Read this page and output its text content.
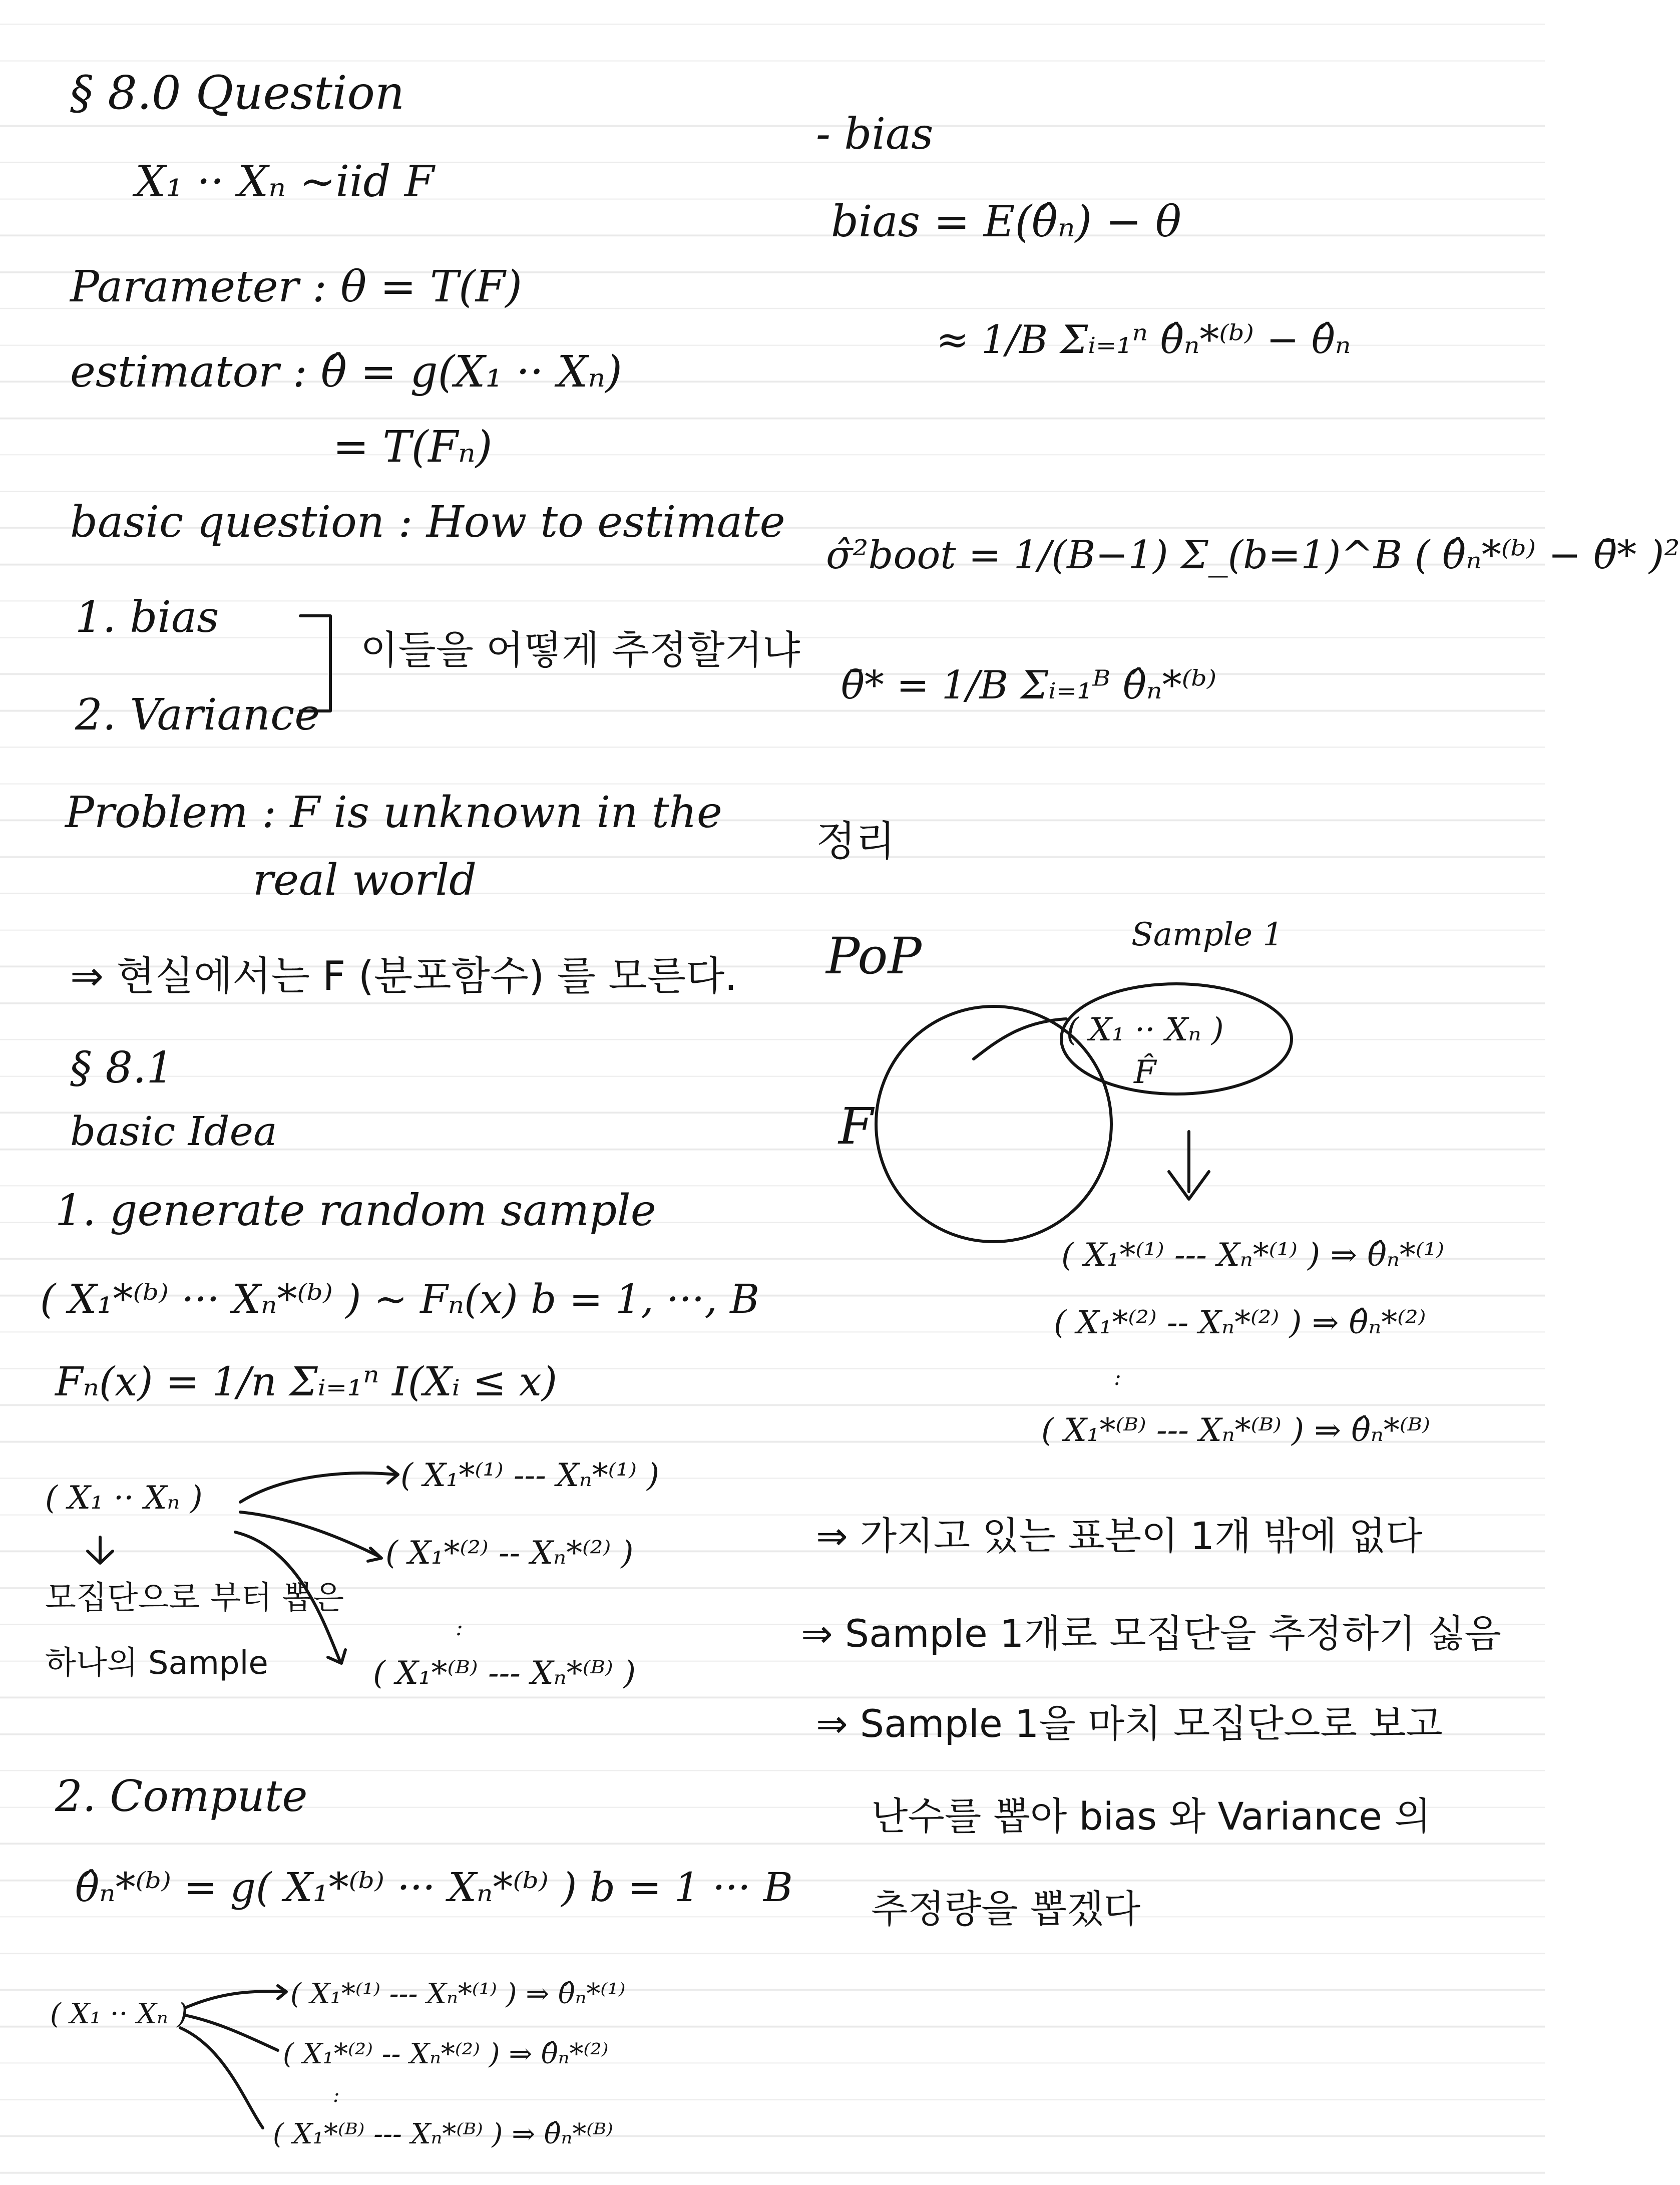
§ 8.0 Question
X₁ ·· Xₙ ~iid F
Parameter : θ = T(F)
estimator : θ̂ = g(X₁ ·· Xₙ)
= T(Fₙ)
basic question : How to estimate
1. bias
2. Variance
이들을 어떻게 추정할거냐
Problem : F is unknown in the
real world
⇒ 현실에서는 F (분포함수) 를 모른다.
§ 8.1
basic Idea
1. generate random sample
( X₁*⁽ᵇ⁾ ··· Xₙ*⁽ᵇ⁾ ) ~ Fₙ(x) b = 1, ···, B
Fₙ(x) = 1/n Σᵢ₌₁ⁿ I(Xᵢ ≤ x)
( X₁ ·· Xₙ )
( X₁*⁽¹⁾ --- Xₙ*⁽¹⁾ )
( X₁*⁽²⁾ -- Xₙ*⁽²⁾ )
:
( X₁*⁽ᴮ⁾ --- Xₙ*⁽ᴮ⁾ )
모집단으로 부터 뽑은
하나의 Sample
2. Compute
θ̂ₙ*⁽ᵇ⁾ = g( X₁*⁽ᵇ⁾ ··· Xₙ*⁽ᵇ⁾ ) b = 1 ··· B
( X₁ ·· Xₙ )
( X₁*⁽¹⁾ --- Xₙ*⁽¹⁾ ) ⇒ θ̂ₙ*⁽¹⁾
( X₁*⁽²⁾ -- Xₙ*⁽²⁾ ) ⇒ θ̂ₙ*⁽²⁾
:
( X₁*⁽ᴮ⁾ --- Xₙ*⁽ᴮ⁾ ) ⇒ θ̂ₙ*⁽ᴮ⁾
- bias
bias = E(θ̂ₙ) − θ
≈ 1/B Σᵢ₌₁ⁿ θ̂ₙ*⁽ᵇ⁾ − θ̂ₙ
σ̂²boot = 1/(B−1) Σ_(b=1)^B ( θ̂ₙ*⁽ᵇ⁾ − θ̄* )²
θ̄* = 1/B Σᵢ₌₁ᴮ θ̂ₙ*⁽ᵇ⁾
정리
PoP	Sample 1
( X₁ ·· Xₙ )
F̂
F
( X₁*⁽¹⁾ --- Xₙ*⁽¹⁾ ) ⇒ θ̂ₙ*⁽¹⁾
( X₁*⁽²⁾ -- Xₙ*⁽²⁾ ) ⇒ θ̂ₙ*⁽²⁾
:
( X₁*⁽ᴮ⁾ --- Xₙ*⁽ᴮ⁾ ) ⇒ θ̂ₙ*⁽ᴮ⁾
⇒ 가지고 있는 표본이 1개 밖에 없다
⇒ Sample 1개로 모집단을 추정하기 싫음
⇒ Sample 1을 마치 모집단으로 보고
난수를 뽑아 bias 와 Variance 의
추정량을 뽑겠다
